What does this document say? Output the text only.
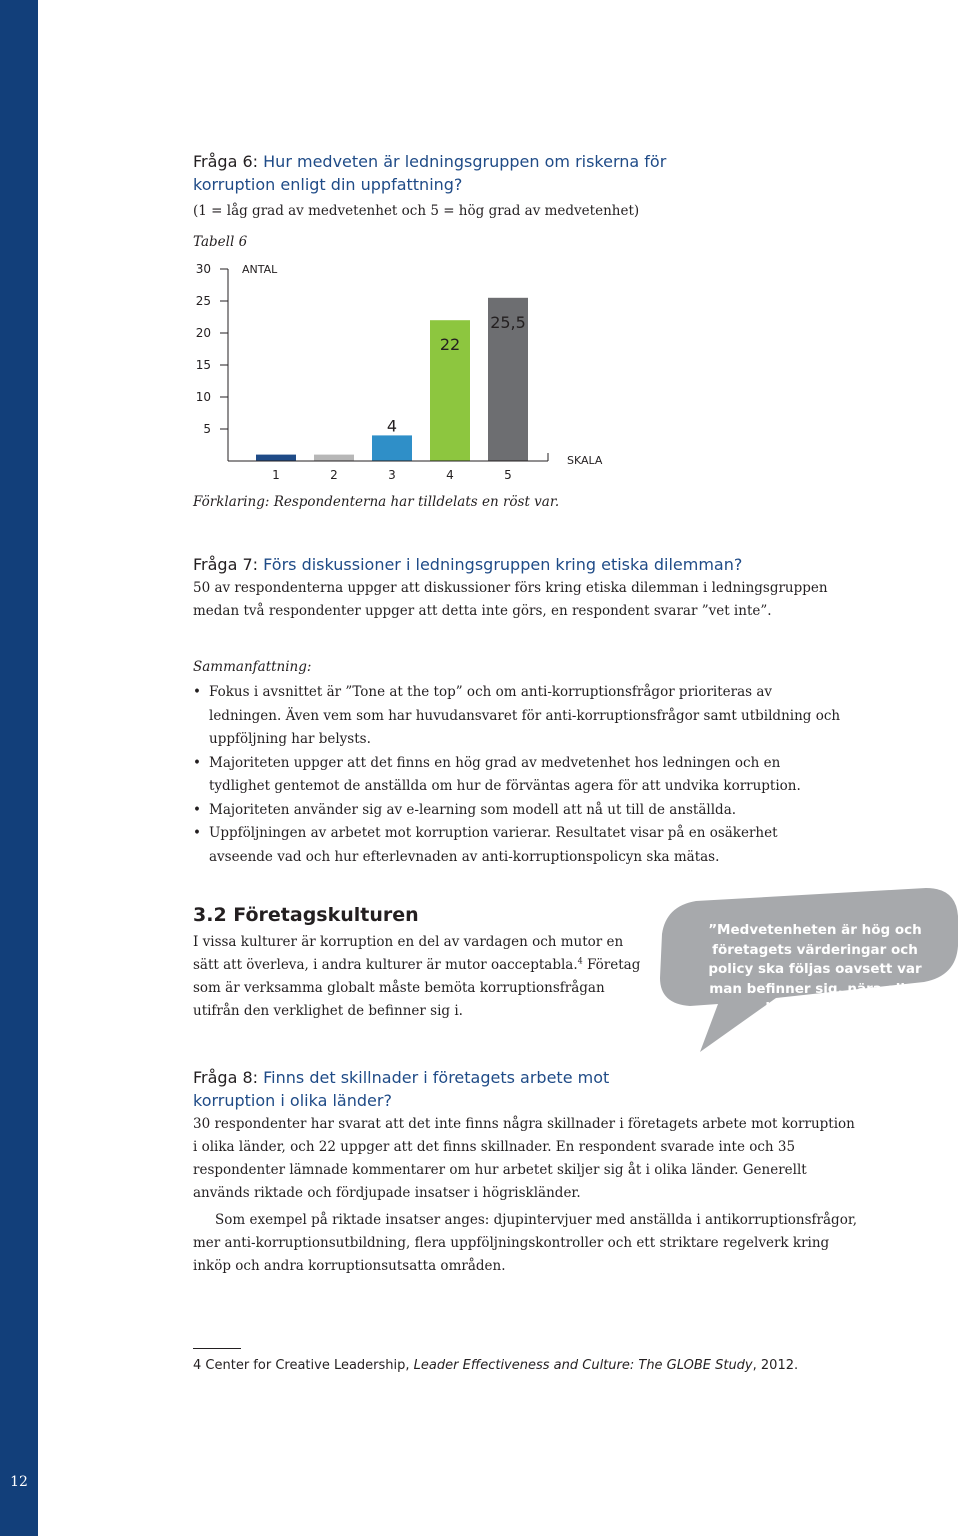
12
Fråga 6: Hur medveten är ledningsgruppen om riskerna för korruption enligt din uppfattning?
(1 = låg grad av medvetenhet och 5 = hög grad av medvetenhet)
Tabell 6
5
10
15
20
25
30	ANTAL
4
22
25,5
1	2	3	4	5
SKALA
Förklaring: Respondenterna har tilldelats en röst var.
Fråga 7: Förs diskussioner i ledningsgruppen kring etiska dilemman?
50 av respondenterna uppger att diskussioner förs kring etiska dilemman i ledningsgruppen medan två respondenter uppger att detta inte görs, en respondent svarar ”vet inte”.
Sammanfattning:
• Fokus i avsnittet är ”Tone at the top” och om anti-korruptionsfrågor prioriteras av ledningen. Även vem som har huvudansvaret för anti-korruptionsfrågor samt utbildning och uppföljning har belysts.
• Majoriteten uppger att det finns en hög grad av medvetenhet hos ledningen och en tydlighet gentemot de anställda om hur de förväntas agera för att undvika korruption.
• Majoriteten använder sig av e-learning som modell att nå ut till de anställda.
• Uppföljningen av arbetet mot korruption varierar. Resultatet visar på en osäkerhet avseende vad och hur efterlevnaden av anti-korruptionspolicyn ska mätas.
3.2 Företagskulturen
I vissa kulturer är korruption en del av vardagen och mutor en sätt att överleva, i andra kulturer är mutor oacceptabla.$^4$ Företag som är verksamma globalt måste bemöta korruptionsfrågan utifrån den verklighet de befinner sig i.
”Medvetenheten är hög och företagets värderingar och policy ska följas oavsett var man befinner sig, nära eller långt borta.”
Fråga 8: Finns det skillnader i företagets arbete mot korruption i olika länder?
30 respondenter har svarat att det inte finns några skillnader i företagets arbete mot korruption i olika länder, och 22 uppger att det finns skillnader. En respondent svarade inte och 35 respondenter lämnade kommentarer om hur arbetet skiljer sig åt i olika länder. Generellt används riktade och fördjupade insatser i högriskländer.
Som exempel på riktade insatser anges: djupintervjuer med anställda i antikorruptionsfrågor, mer anti-korruptionsutbildning, flera uppföljningskontroller och ett striktare regelverk kring inköp och andra korruptionsutsatta områden.
4 Center for Creative Leadership, Leader Effectiveness and Culture: The GLOBE Study, 2012.
